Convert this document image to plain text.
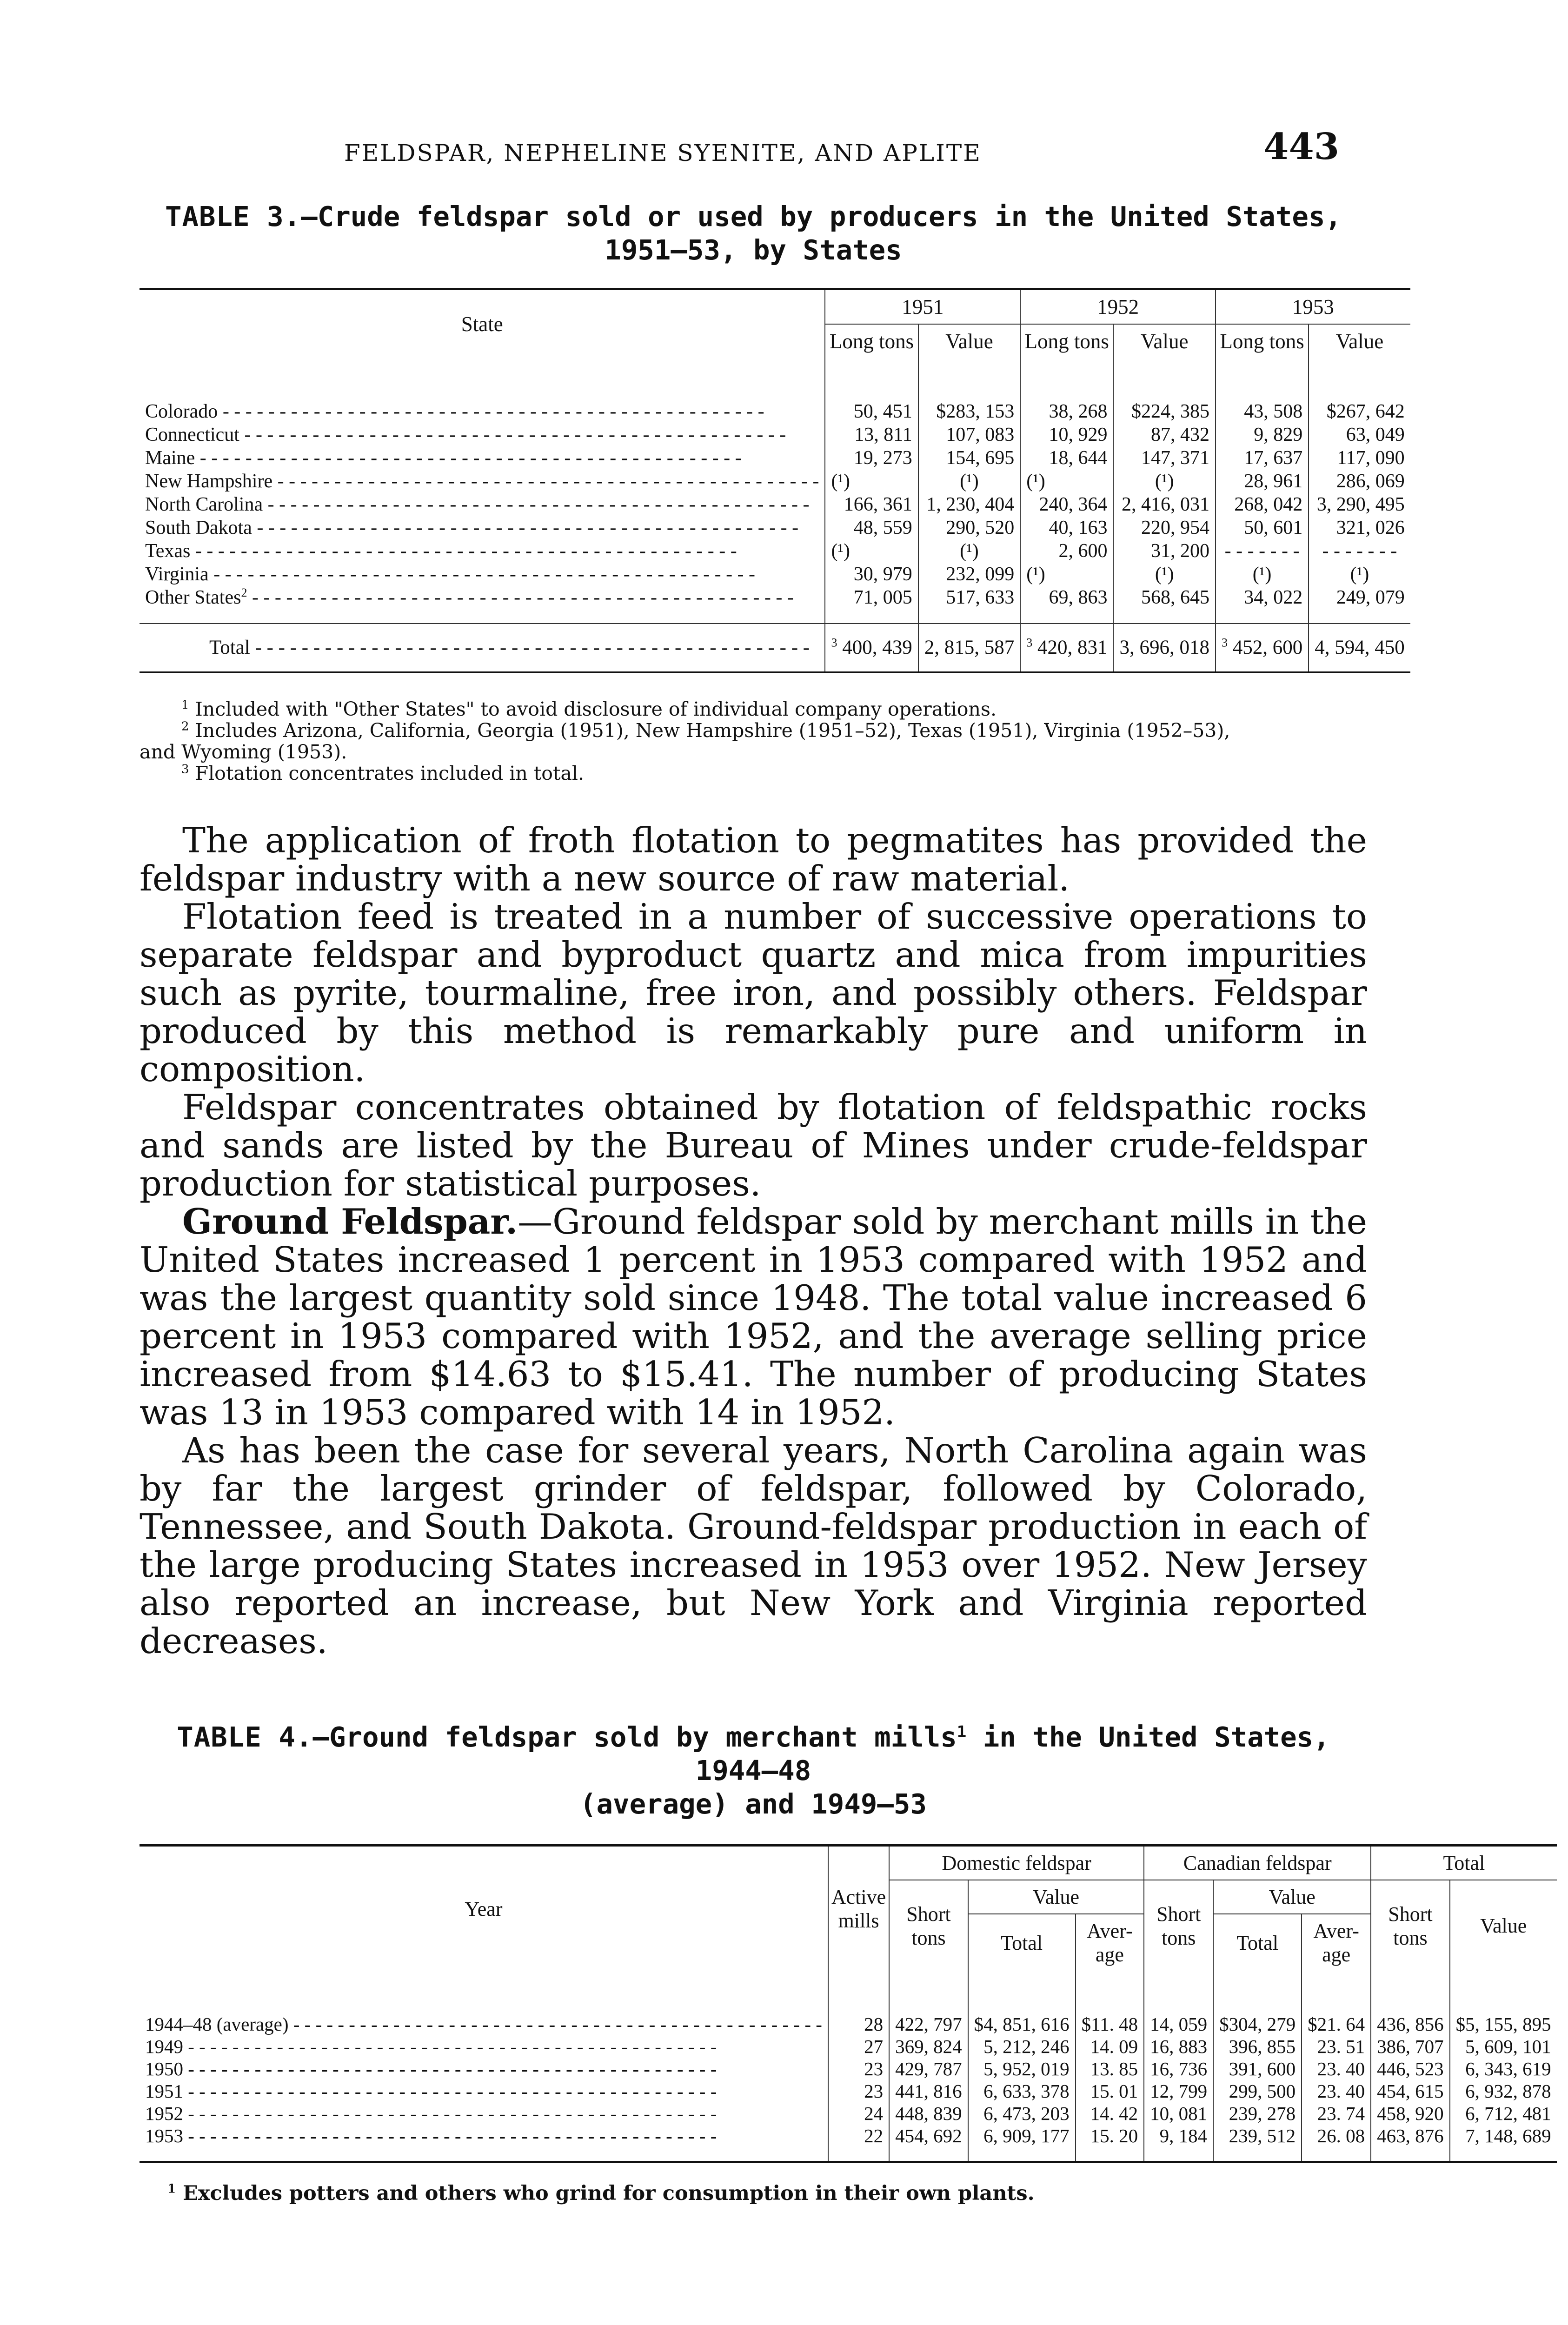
FELDSPAR, NEPHELINE SYENITE, AND APLITE	443
TABLE 3.—Crude feldspar sold or used by producers in the United States,
1951–53, by States
State	1951		1952		1953	
	Long tons	Value	Long tons	Value	Long tons	Value
Colorado - - -	50, 451	$283, 153	38, 268	$224, 385	43, 508	$267, 642
Connecticut - - -	13, 811	107, 083	10, 929	87, 432	9, 829	63, 049
Maine - - -	19, 273	154, 695	18, 644	147, 371	17, 637	117, 090
New Hampshire - - -	(¹)	(¹)	(¹)	(¹)	28, 961	286, 069
North Carolina - - -	166, 361	1, 230, 404	240, 364	2, 416, 031	268, 042	3, 290, 495
South Dakota - - -	48, 559	290, 520	40, 163	220, 954	50, 601	321, 026
Texas - - -	(¹)	(¹)	2, 600	31, 200	- - - - - - -	- - - - - - -
Virginia - - -	30, 979	232, 099	(¹)	(¹)	(¹)	(¹)
Other States$^2$ - - -	71, 005	517, 633	69, 863	568, 645	34, 022	249, 079
Total - - -	$^3$ 400, 439	2, 815, 587	$^3$ 420, 831	3, 696, 018	$^3$ 452, 600	4, 594, 450

$^1$ Included with "Other States" to avoid disclosure of individual company operations.

$^2$ Includes Arizona, California, Georgia (1951), New Hampshire (1951–52), Texas (1951), Virginia (1952–53),

and Wyoming (1953).

$^3$ Flotation concentrates included in total.

The application of froth flotation to pegmatites has provided the feldspar industry with a new source of raw material.

Flotation feed is treated in a number of successive operations to separate feldspar and byproduct quartz and mica from impurities such as pyrite, tourmaline, free iron, and possibly others. Feldspar produced by this method is remarkably pure and uniform in composition.

Feldspar concentrates obtained by flotation of feldspathic rocks and sands are listed by the Bureau of Mines under crude-feldspar production for statistical purposes.

Ground Feldspar.—Ground feldspar sold by merchant mills in the United States increased 1 percent in 1953 compared with 1952 and was the largest quantity sold since 1948. The total value increased 6 percent in 1953 compared with 1952, and the average selling price increased from $14.63 to $15.41. The number of producing States was 13 in 1953 compared with 14 in 1952.

As has been the case for several years, North Carolina again was by far the largest grinder of feldspar, followed by Colorado, Tennessee, and South Dakota. Ground-feldspar production in each of the large producing States increased in 1953 over 1952. New Jersey also reported an increase, but New York and Virginia reported decreases.

TABLE 4.—Ground feldspar sold by merchant mills$^1$ in the United States, 1944–48
(average) and 1949–53
Year	Active mills	Domestic feldspar			Canadian feldspar			Total	
		Short tons	Value		Short tons	Value		Short tons	Value
			Total	Aver- age		Total	Aver- age		
1944–48 (average) - - -	28	422, 797	$4, 851, 616	$11. 48	14, 059	$304, 279	$21. 64	436, 856	$5, 155, 895
1949 - - -	27	369, 824	5, 212, 246	14. 09	16, 883	396, 855	23. 51	386, 707	5, 609, 101
1950 - - -	23	429, 787	5, 952, 019	13. 85	16, 736	391, 600	23. 40	446, 523	6, 343, 619
1951 - - -	23	441, 816	6, 633, 378	15. 01	12, 799	299, 500	23. 40	454, 615	6, 932, 878
1952 - - -	24	448, 839	6, 473, 203	14. 42	10, 081	239, 278	23. 74	458, 920	6, 712, 481
1953 - - -	22	454, 692	6, 909, 177	15. 20	9, 184	239, 512	26. 08	463, 876	7, 148, 689
$^1$ Excludes potters and others who grind for consumption in their own plants.
